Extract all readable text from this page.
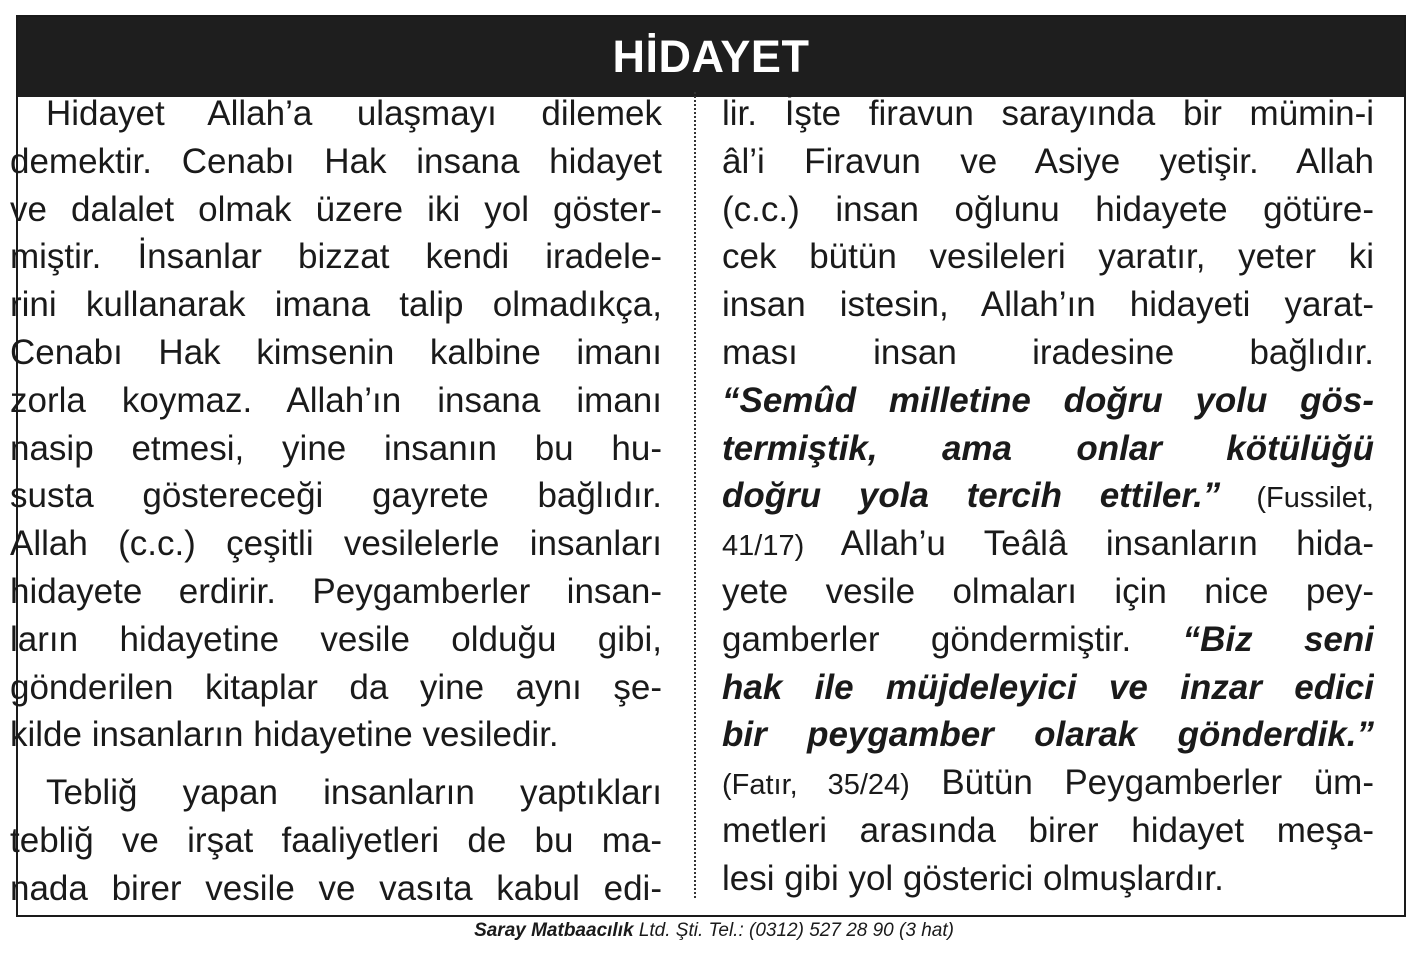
HİDAYET
Hidayet Allah’a ulaşmayı dilemek
demektir. Cenabı Hak insana hidayet
ve dalalet olmak üzere iki yol göster-
miştir. İnsanlar bizzat kendi iradele-
rini kullanarak imana talip olmadıkça,
Cenabı Hak kimsenin kalbine imanı
zorla koymaz. Allah’ın insana imanı
nasip etmesi, yine insanın bu hu-
susta göstereceği gayrete bağlıdır.
Allah (c.c.) çeşitli vesilelerle insanları
hidayete erdirir. Peygamberler insan-
ların hidayetine vesile olduğu gibi,
gönderilen kitaplar da yine aynı şe-
kilde insanların hidayetine vesiledir.
Tebliğ yapan insanların yaptıkları
tebliğ ve irşat faaliyetleri de bu ma-
nada birer vesile ve vasıta kabul edi-
lir. İşte firavun sarayında bir mümin-i
âl’i Firavun ve Asiye yetişir. Allah
(c.c.) insan oğlunu hidayete götüre-
cek bütün vesileleri yaratır, yeter ki
insan istesin, Allah’ın hidayeti yarat-
ması insan iradesine bağlıdır.
“Semûd milletine doğru yolu gös-
termiştik, ama onlar kötülüğü
doğru yola tercih ettiler.” (Fussilet,
41/17) Allah’u Teâlâ insanların hida-
yete vesile olmaları için nice pey-
gamberler göndermiştir. “Biz seni
hak ile müjdeleyici ve inzar edici
bir peygamber olarak gönderdik.”
(Fatır, 35/24) Bütün Peygamberler üm-
metleri arasında birer hidayet meşa-
lesi gibi yol gösterici olmuşlardır.
Saray Matbaacılık Ltd. Şti. Tel.: (0312) 527 28 90 (3 hat)
